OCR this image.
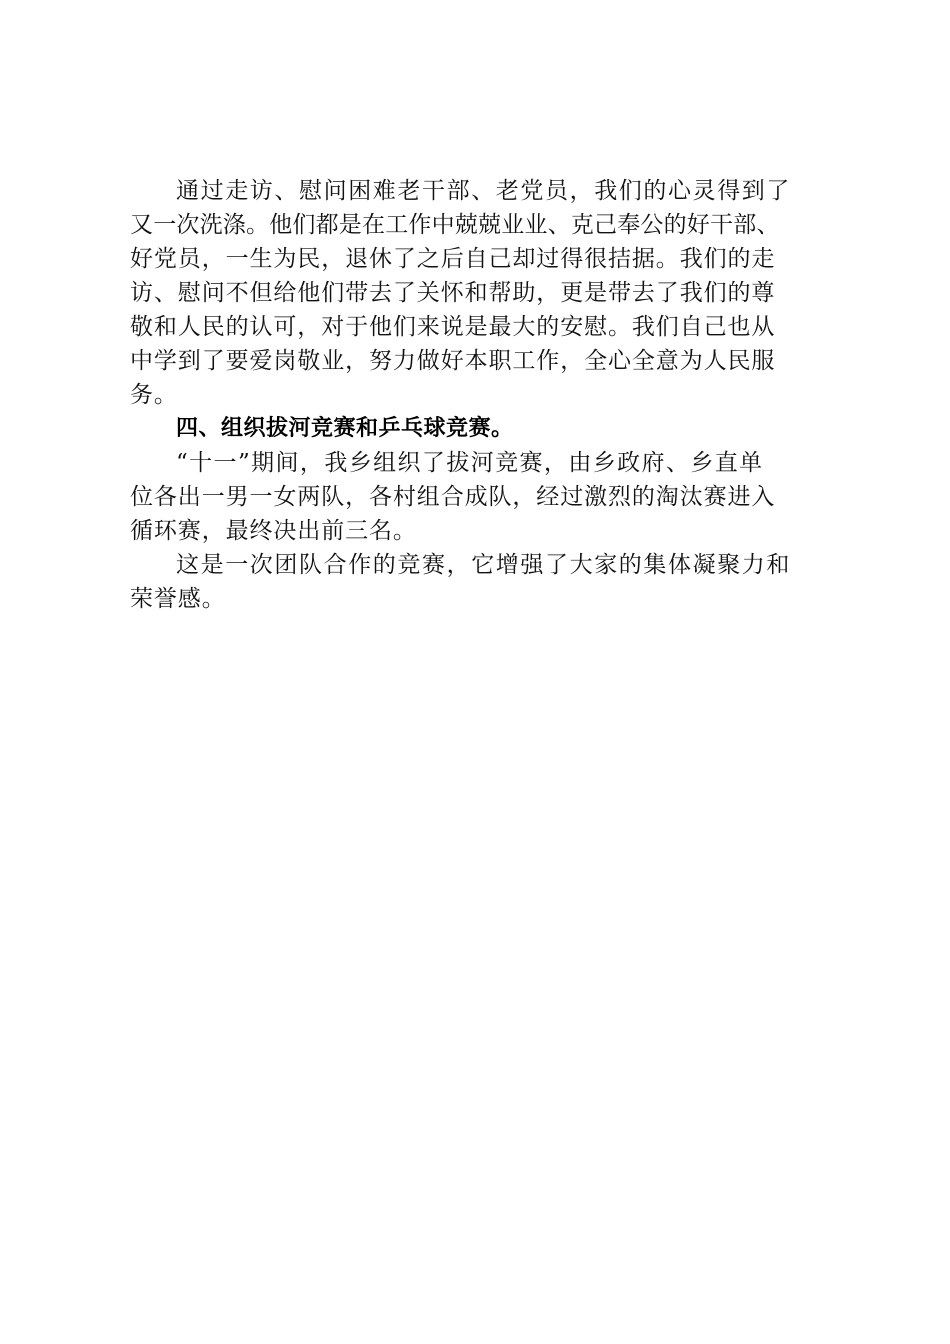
通过走访、慰问困难老干部、老党员，我们的心灵得到了
又一次洗涤。他们都是在工作中兢兢业业、克己奉公的好干部、
好党员，一生为民，退休了之后自己却过得很拮据。我们的走
访、慰问不但给他们带去了关怀和帮助，更是带去了我们的尊
敬和人民的认可，对于他们来说是最大的安慰。我们自己也从
中学到了要爱岗敬业，努力做好本职工作，全心全意为人民服
务。
四、组织拔河竞赛和乒乓球竞赛。
“十一”期间，我乡组织了拔河竞赛，由乡政府、乡直单
位各出一男一女两队，各村组合成队，经过激烈的淘汰赛进入
循环赛，最终决出前三名。
这是一次团队合作的竞赛，它增强了大家的集体凝聚力和
荣誉感。
